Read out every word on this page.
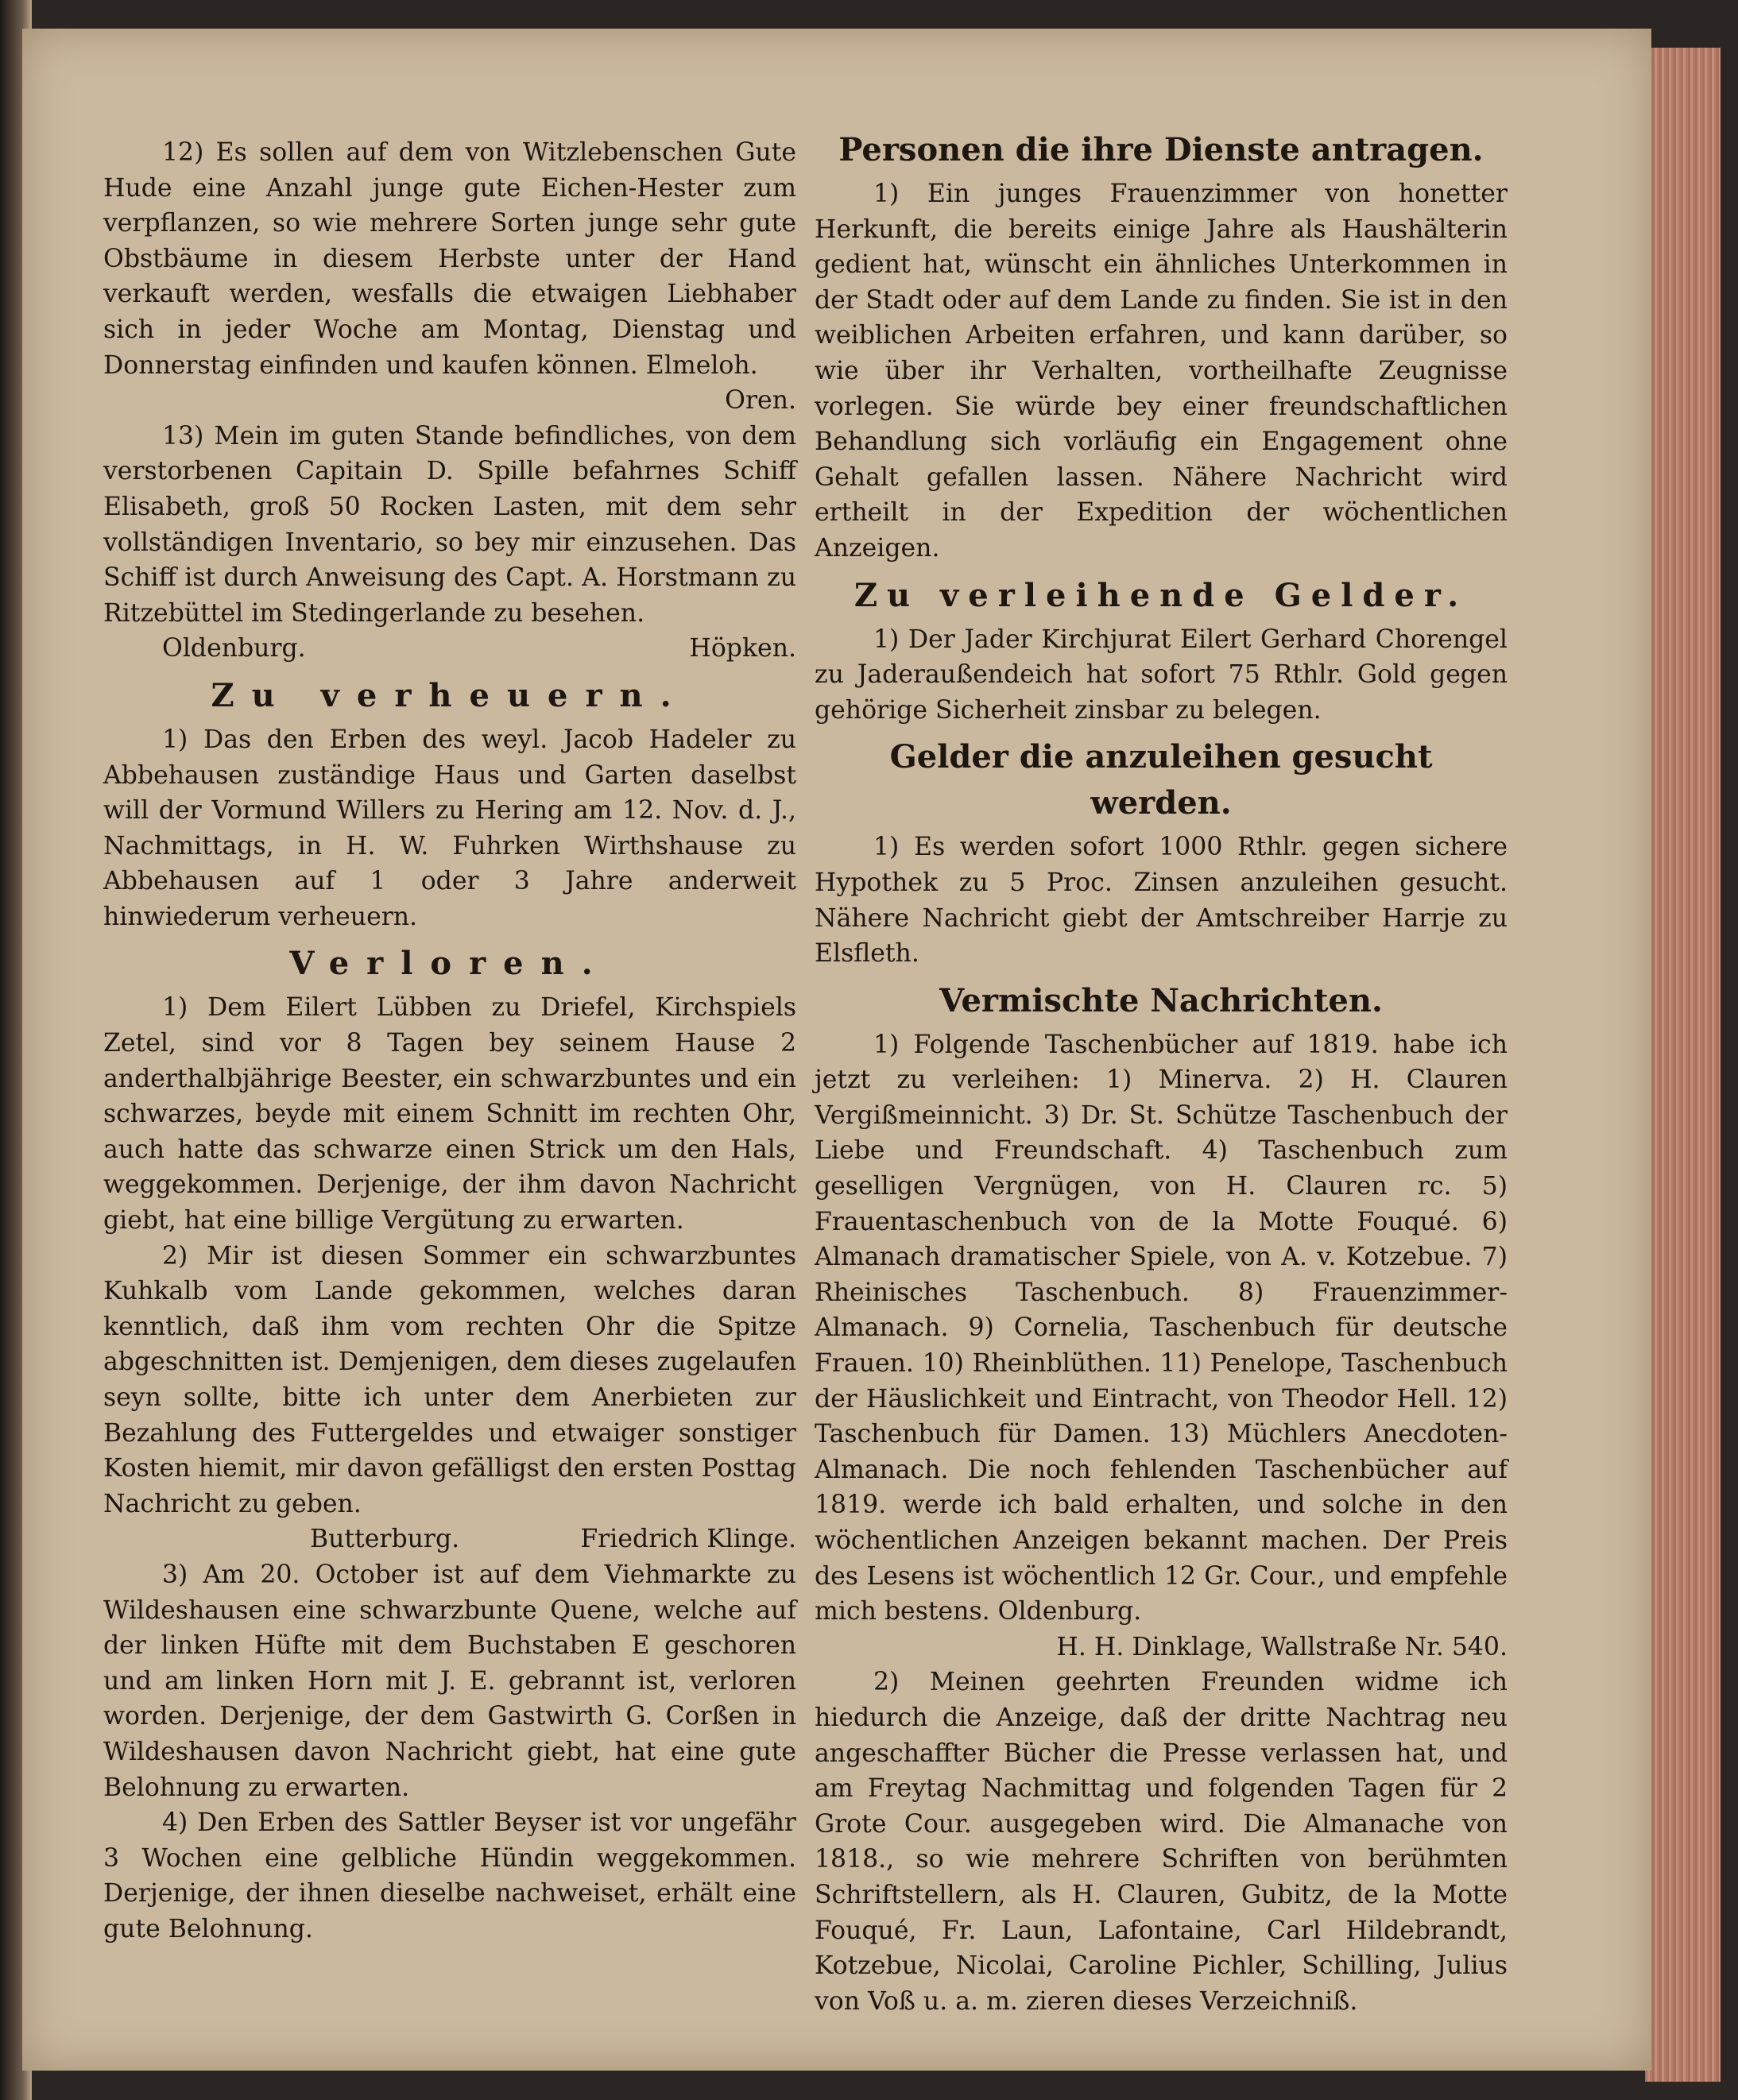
12) Es sollen auf dem von Witzlebenschen Gute Hude eine Anzahl junge gute Eichen-Hester zum verpflanzen, so wie mehrere Sorten junge sehr gute Obstbäume in diesem Herbste unter der Hand verkauft werden, wesfalls die etwaigen Liebhaber sich in jeder Woche am Montag, Dienstag und Donnerstag einfinden und kaufen können. Elmeloh.

Oren.

13) Mein im guten Stande befindliches, von dem verstorbenen Capitain D. Spille befahrnes Schiff Elisabeth, groß 50 Rocken Lasten, mit dem sehr vollständigen Inventario, so bey mir einzusehen. Das Schiff ist durch Anweisung des Capt. A. Horstmann zu Ritzebüttel im Stedingerlande zu besehen.

Oldenburg.	Höpken.
Zu verheuern.

1) Das den Erben des weyl. Jacob Hadeler zu Abbehausen zuständige Haus und Garten daselbst will der Vormund Willers zu Hering am 12. Nov. d. J., Nachmittags, in H. W. Fuhrken Wirthshause zu Abbehausen auf 1 oder 3 Jahre anderweit hinwiederum verheuern.

Verloren.

1) Dem Eilert Lübben zu Driefel, Kirchspiels Zetel, sind vor 8 Tagen bey seinem Hause 2 anderthalbjährige Beester, ein schwarzbuntes und ein schwarzes, beyde mit einem Schnitt im rechten Ohr, auch hatte das schwarze einen Strick um den Hals, weggekommen. Derjenige, der ihm davon Nachricht giebt, hat eine billige Vergütung zu erwarten.

2) Mir ist diesen Sommer ein schwarzbuntes Kuhkalb vom Lande gekommen, welches daran kenntlich, daß ihm vom rechten Ohr die Spitze abgeschnitten ist. Demjenigen, dem dieses zugelaufen seyn sollte, bitte ich unter dem Anerbieten zur Bezahlung des Futtergeldes und etwaiger sonstiger Kosten hiemit, mir davon gefälligst den ersten Posttag Nachricht zu geben.

Butterburg.	Friedrich Klinge.

3) Am 20. October ist auf dem Viehmarkte zu Wildeshausen eine schwarzbunte Quene, welche auf der linken Hüfte mit dem Buchstaben E geschoren und am linken Horn mit J. E. gebrannt ist, verloren worden. Derjenige, der dem Gastwirth G. Corßen in Wildeshausen davon Nachricht giebt, hat eine gute Belohnung zu erwarten.

4) Den Erben des Sattler Beyser ist vor ungefähr 3 Wochen eine gelbliche Hündin weggekommen. Derjenige, der ihnen dieselbe nachweiset, erhält eine gute Belohnung.

Personen die ihre Dienste antragen.

1) Ein junges Frauenzimmer von honetter Herkunft, die bereits einige Jahre als Haushälterin gedient hat, wünscht ein ähnliches Unterkommen in der Stadt oder auf dem Lande zu finden. Sie ist in den weiblichen Arbeiten erfahren, und kann darüber, so wie über ihr Verhalten, vortheilhafte Zeugnisse vorlegen. Sie würde bey einer freundschaftlichen Behandlung sich vorläufig ein Engagement ohne Gehalt gefallen lassen. Nähere Nachricht wird ertheilt in der Expedition der wöchentlichen Anzeigen.

Zu verleihende Gelder.

1) Der Jader Kirchjurat Eilert Gerhard Chorengel zu Jaderaußendeich hat sofort 75 Rthlr. Gold gegen gehörige Sicherheit zinsbar zu belegen.

Gelder die anzuleihen gesucht werden.

1) Es werden sofort 1000 Rthlr. gegen sichere Hypothek zu 5 Proc. Zinsen anzuleihen gesucht. Nähere Nachricht giebt der Amtschreiber Harrje zu Elsfleth.

Vermischte Nachrichten.

1) Folgende Taschenbücher auf 1819. habe ich jetzt zu verleihen: 1) Minerva. 2) H. Clauren Vergißmeinnicht. 3) Dr. St. Schütze Taschenbuch der Liebe und Freundschaft. 4) Taschenbuch zum geselligen Vergnügen, von H. Clauren rc. 5) Frauentaschenbuch von de la Motte Fouqué. 6) Almanach dramatischer Spiele, von A. v. Kotzebue. 7) Rheinisches Taschenbuch. 8) Frauenzimmer-Almanach. 9) Cornelia, Taschenbuch für deutsche Frauen. 10) Rheinblüthen. 11) Penelope, Taschenbuch der Häuslichkeit und Eintracht, von Theodor Hell. 12) Taschenbuch für Damen. 13) Müchlers Anecdoten-Almanach. Die noch fehlenden Taschenbücher auf 1819. werde ich bald erhalten, und solche in den wöchentlichen Anzeigen bekannt machen. Der Preis des Lesens ist wöchentlich 12 Gr. Cour., und empfehle mich bestens. Oldenburg.

H. H. Dinklage, Wallstraße Nr. 540.

2) Meinen geehrten Freunden widme ich hiedurch die Anzeige, daß der dritte Nachtrag neu angeschaffter Bücher die Presse verlassen hat, und am Freytag Nachmittag und folgenden Tagen für 2 Grote Cour. ausgegeben wird. Die Almanache von 1818., so wie mehrere Schriften von berühmten Schriftstellern, als H. Clauren, Gubitz, de la Motte Fouqué, Fr. Laun, Lafontaine, Carl Hildebrandt, Kotzebue, Nicolai, Caroline Pichler, Schilling, Julius von Voß u. a. m. zieren dieses Verzeichniß.
